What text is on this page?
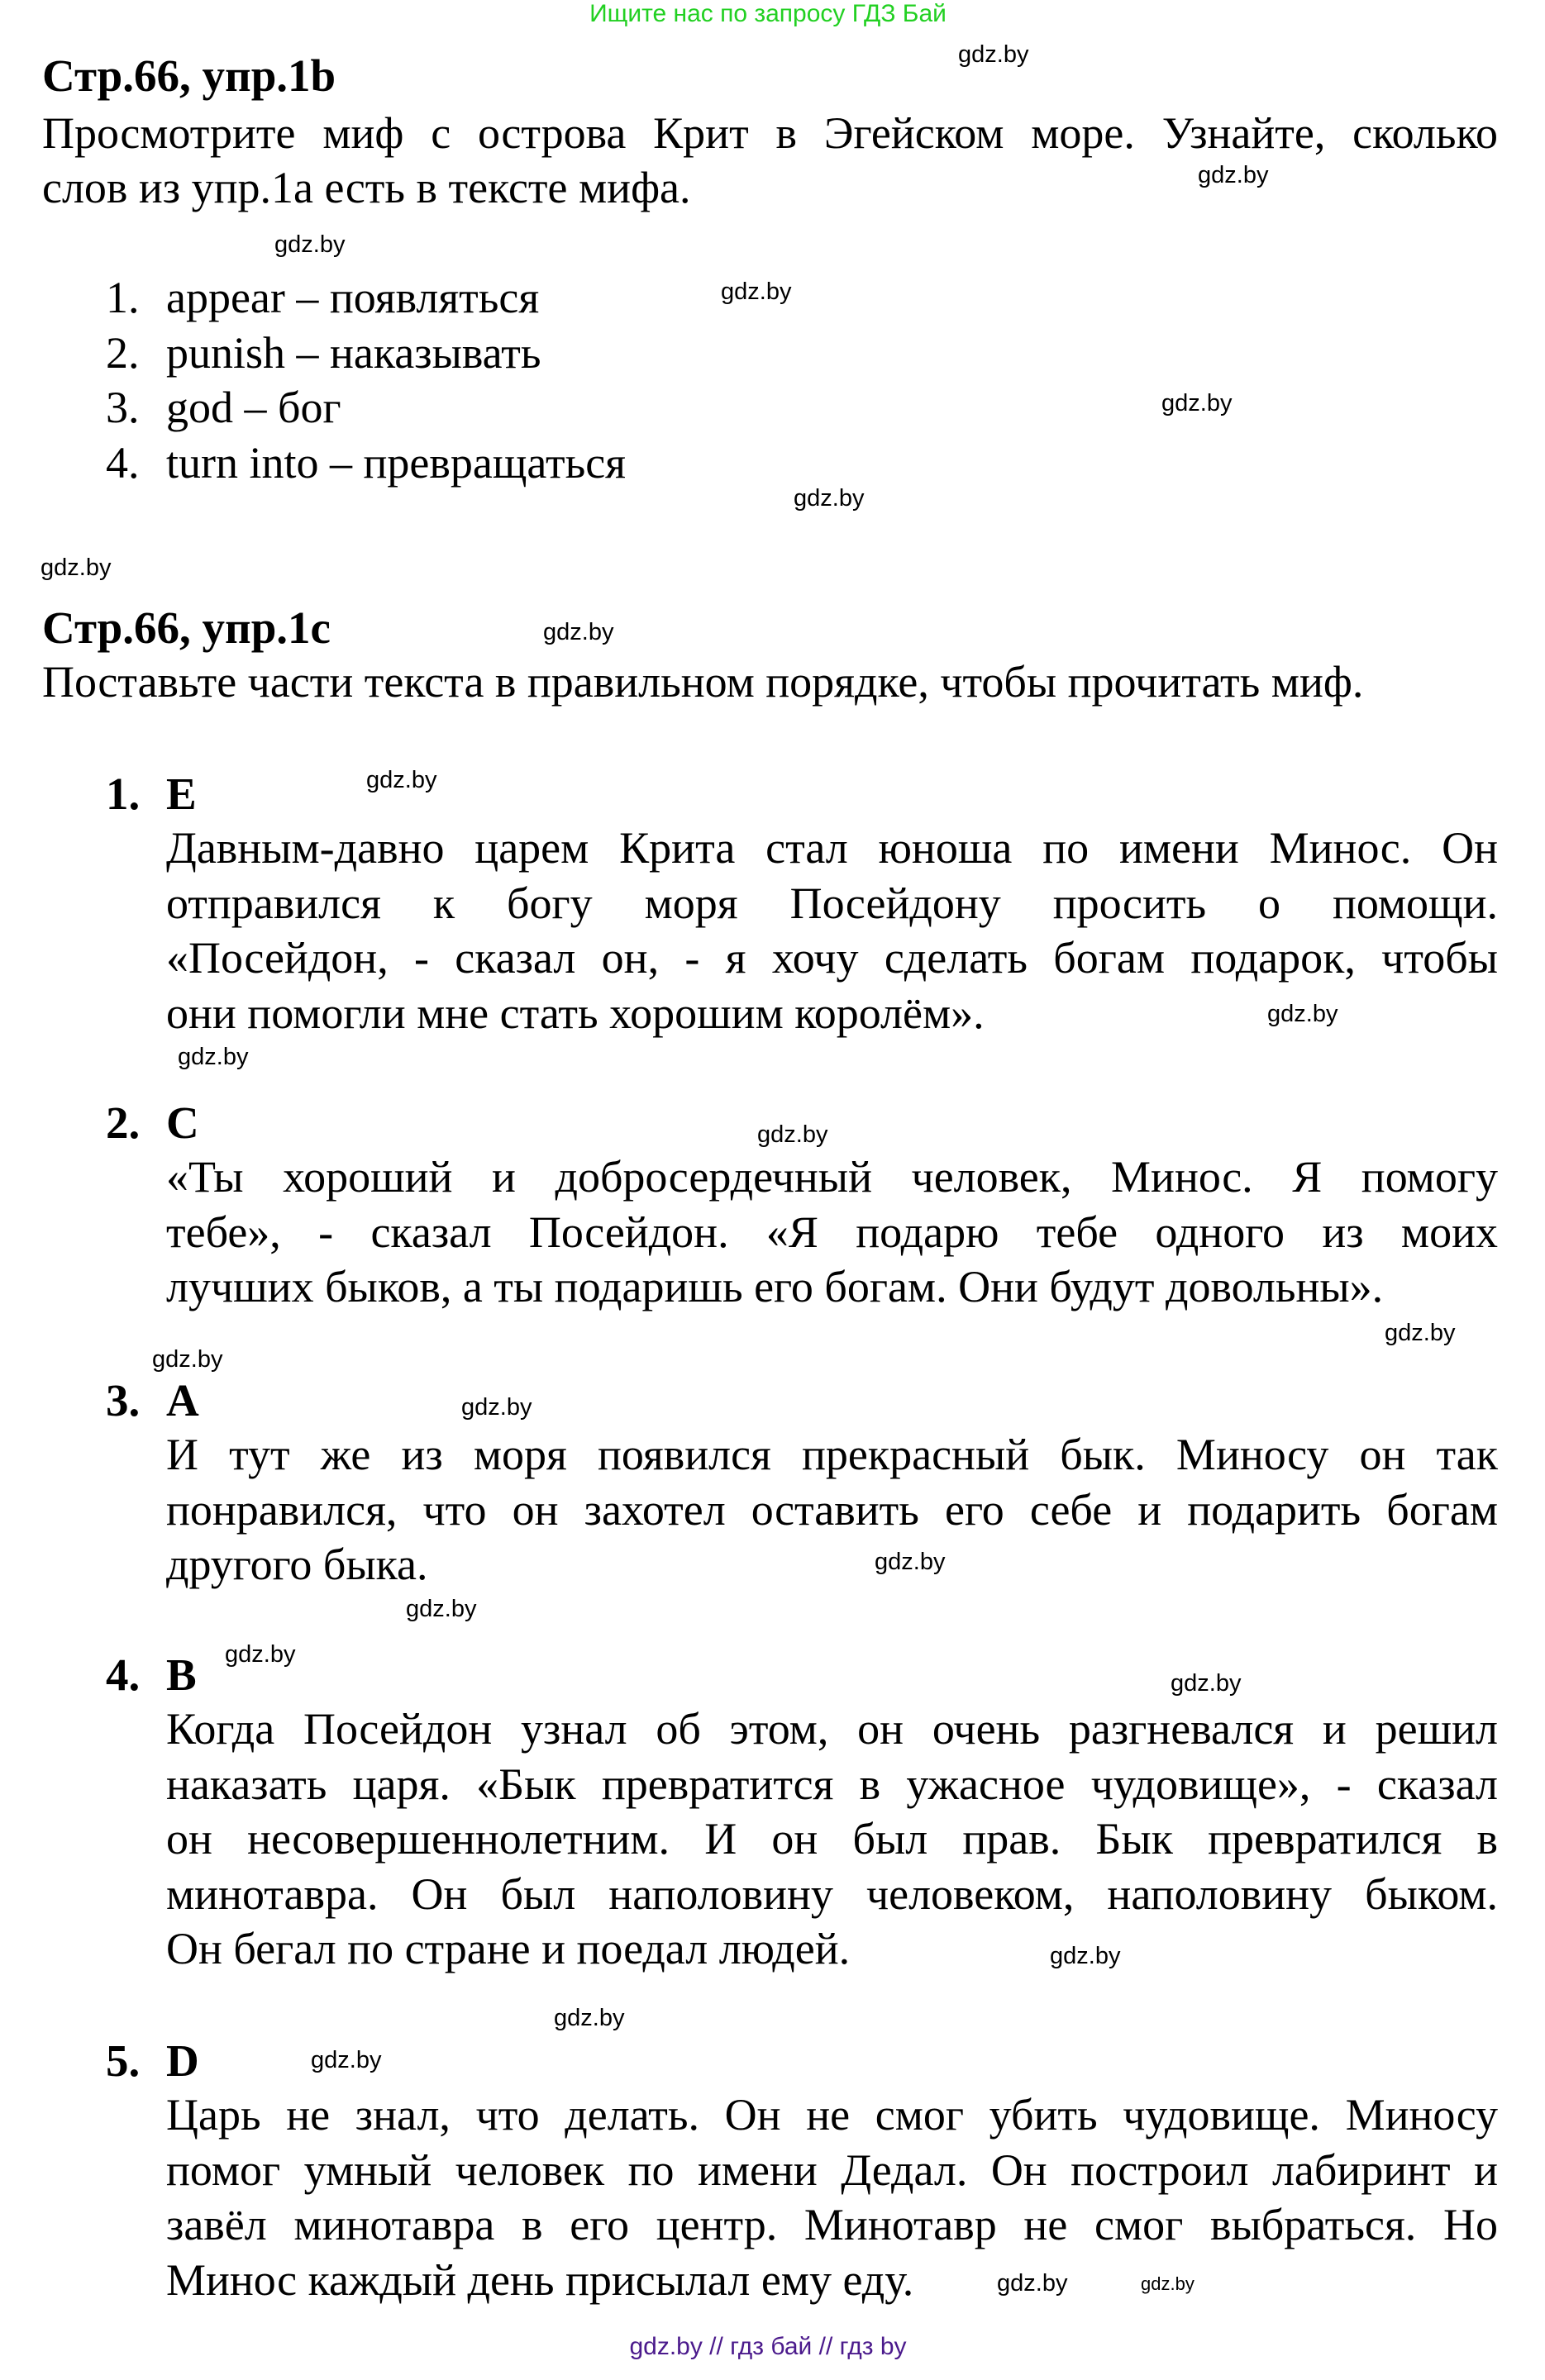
Ищите нас по запросу ГДЗ Бай
Стр.66, упр.1b
Просмотрите миф с острова Крит в Эгейском море. Узнайте, сколько
слов из упр.1а есть в тексте мифа.
1. appear – появляться
2. punish – наказывать
3. god – бог
4. turn into – превращаться
Стр.66, упр.1c
Поставьте части текста в правильном порядке, чтобы прочитать миф.
1. E
Давным-давно царем Крита стал юноша по имени Минос. Он
отправился к богу моря Посейдону просить о помощи.
«Посейдон, - сказал он, - я хочу сделать богам подарок, чтобы
они помогли мне стать хорошим королём».
2. C
«Ты хороший и добросердечный человек, Минос. Я помогу
тебе», - сказал Посейдон. «Я подарю тебе одного из моих
лучших быков, а ты подаришь его богам. Они будут довольны».
3. A
И тут же из моря появился прекрасный бык. Миносу он так
понравился, что он захотел оставить его себе и подарить богам
другого быка.
4. B
Когда Посейдон узнал об этом, он очень разгневался и решил
наказать царя. «Бык превратится в ужасное чудовище», - сказал
он несовершеннолетним. И он был прав. Бык превратился в
минотавра. Он был наполовину человеком, наполовину быком.
Он бегал по стране и поедал людей.
5. D
Царь не знал, что делать. Он не смог убить чудовище. Миносу
помог умный человек по имени Дедал. Он построил лабиринт и
завёл минотавра в его центр. Минотавр не смог выбраться. Но
Минос каждый день присылал ему еду.
gdz.by
gdz.by
gdz.by
gdz.by
gdz.by
gdz.by
gdz.by
gdz.by
gdz.by
gdz.by
gdz.by
gdz.by
gdz.by
gdz.by
gdz.by
gdz.by
gdz.by
gdz.by
gdz.by
gdz.by
gdz.by
gdz.by
gdz.by
gdz.by
gdz.by // гдз бай // гдз by
